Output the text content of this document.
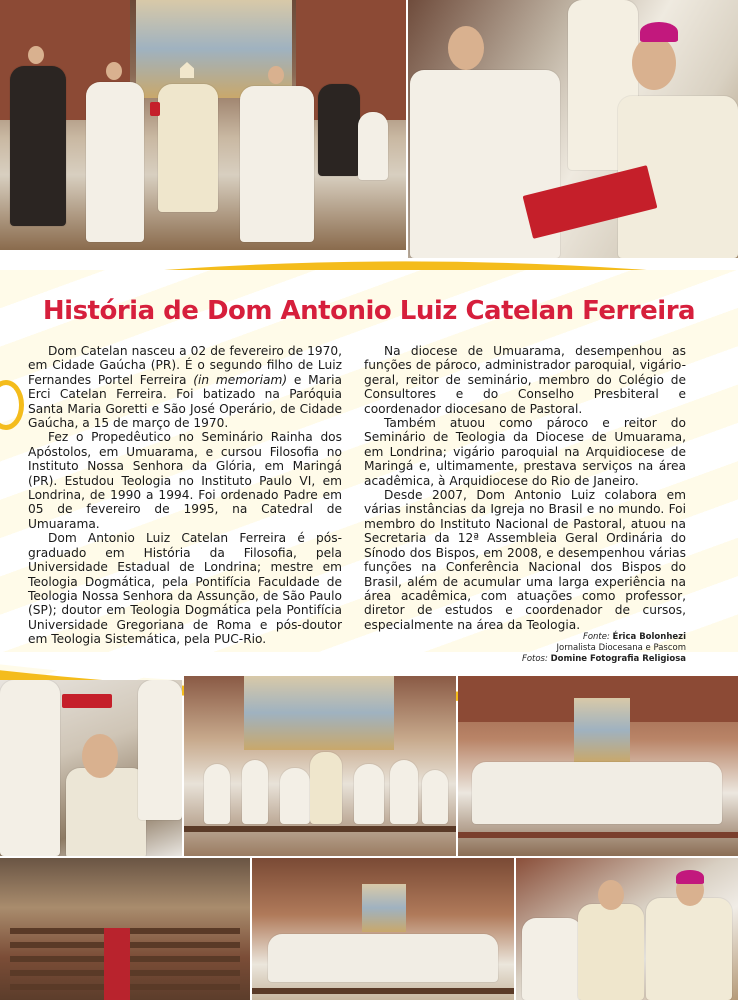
História de Dom Antonio Luiz Catelan Ferreira

Dom Catelan nasceu a 02 de fevereiro de 1970, em Cidade Gaúcha (PR). É o segundo filho de Luiz Fernandes Portel Ferreira (in memoriam) e Maria Erci Catelan Ferreira. Foi batizado na Paróquia Santa Maria Goretti e São José Operário, de Cidade Gaúcha, a 15 de março de 1970.

Fez o Propedêutico no Seminário Rainha dos Apóstolos, em Umuarama, e cursou Filosofia no Instituto Nossa Senhora da Glória, em Maringá (PR). Estudou Teologia no Instituto Paulo VI, em Londrina, de 1990 a 1994. Foi ordenado Padre em 05 de fevereiro de 1995, na Catedral de Umuarama.

Dom Antonio Luiz Catelan Ferreira é pós-graduado em História da Filosofia, pela Universidade Estadual de Londrina; mestre em Teologia Dogmática, pela Pontifícia Faculdade de Teologia Nossa Senhora da Assunção, de São Paulo (SP); doutor em Teologia Dogmática pela Pontifícia Universidade Gregoriana de Roma e pós-doutor em Teologia Sistemática, pela PUC-Rio.

Na diocese de Umuarama, desempenhou as funções de pároco, administrador paroquial, vigário-geral, reitor de seminário, membro do Colégio de Consultores e do Conselho Presbiteral e coordenador diocesano de Pastoral.

Também atuou como pároco e reitor do Seminário de Teologia da Diocese de Umuarama, em Londrina; vigário paroquial na Arquidiocese de Maringá e, ultimamente, prestava serviços na área acadêmica, à Arquidiocese do Rio de Janeiro.

Desde 2007, Dom Antonio Luiz colabora em várias instâncias da Igreja no Brasil e no mundo. Foi membro do Instituto Nacional de Pastoral, atuou na Secretaria da 12ª Assembleia Geral Ordinária do Sínodo dos Bispos, em 2008, e desempenhou várias funções na Conferência Nacional dos Bispos do Brasil, além de acumular uma larga experiência na área acadêmica, com atuações como professor, diretor de estudos e coordenador de cursos, especialmente na área da Teologia.

Fonte: Érica Bolonhezi
Jornalista Diocesana e Pascom
Fotos: Domine Fotografia Religiosa
